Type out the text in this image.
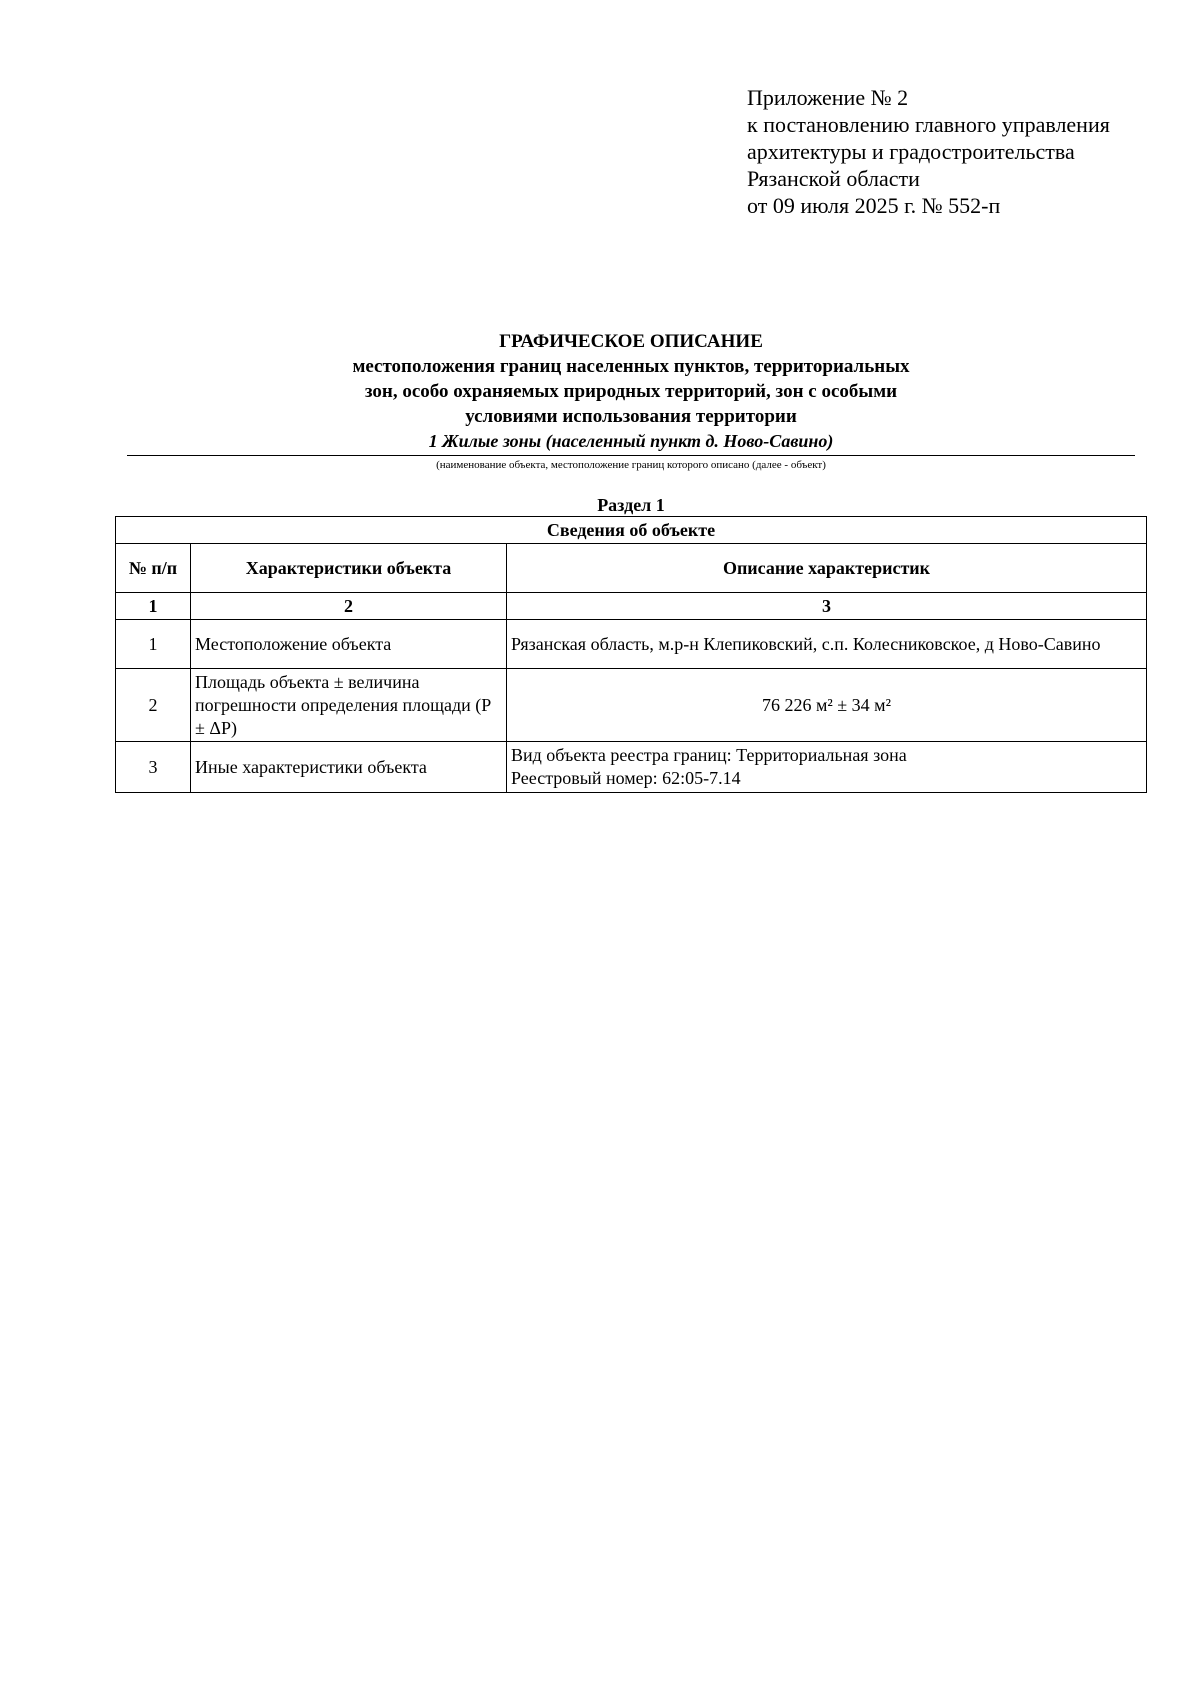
Приложение № 2
к постановлению главного управления
архитектуры и градостроительства
Рязанской области
от 09 июля 2025 г. № 552-п
ГРАФИЧЕСКОЕ ОПИСАНИЕ
местоположения границ населенных пунктов, территориальных
зон, особо охраняемых природных территорий, зон с особыми
условиями использования территории
1 Жилые зоны (населенный пункт д. Ново-Савино)
(наименование объекта, местоположение границ которого описано (далее - объект)
Раздел 1
Сведения об объекте		
№ п/п	Характеристики объекта	Описание характеристик
1	2	3
1	Местоположение объекта	Рязанская область, м.р-н Клепиковский, с.п. Колесниковское, д Ново-Савино

2	Площадь объекта ± величина погрешности определения площади (Р ± ΔР)	76 226 м² ± 34 м²

3	Иные характеристики объекта	Вид объекта реестра границ: Территориальная зона
Реестровый номер: 62:05-7.14
